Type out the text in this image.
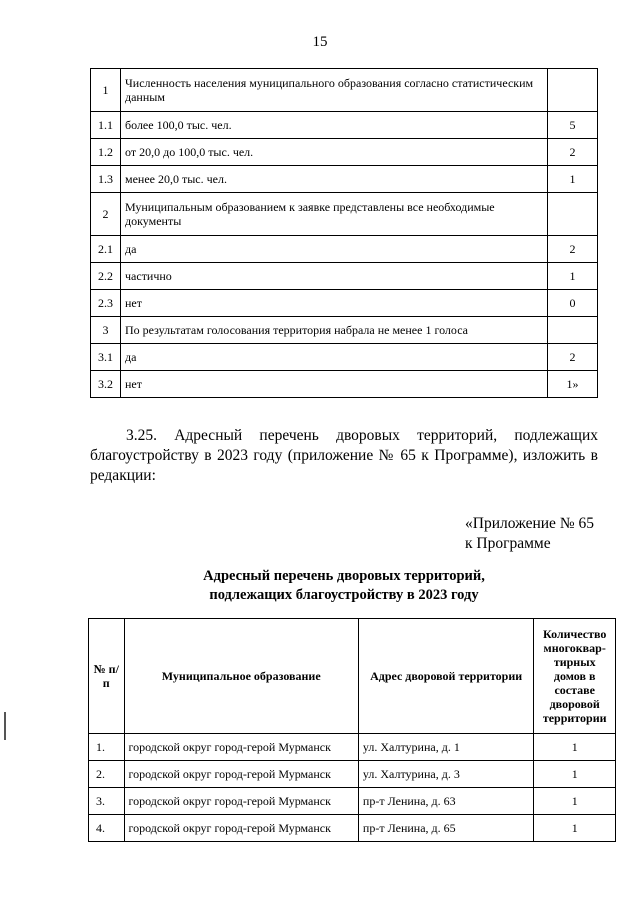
15
1	Численность населения муниципального образования согласно статистическим данным	
1.1	более 100,0 тыс. чел.	5
1.2	от 20,0 до 100,0 тыс. чел.	2
1.3	менее 20,0 тыс. чел.	1
2	Муниципальным образованием к заявке представлены все необходимые документы	
2.1	да	2
2.2	частично	1
2.3	нет	0
3	По результатам голосования территория набрала не менее 1 голоса	
3.1	да	2
3.2	нет	1»
3.25. Адресный перечень дворовых территорий, подлежащих благоустройству в 2023 году (приложение № 65 к Программе), изложить в редакции:
«Приложение № 65
к Программе
Адресный перечень дворовых территорий,
подлежащих благоустройству в 2023 году
№ п/п	Муниципальное образование	Адрес дворовой территории	Количество многоквар-тирных домов в составе дворовой территории
1.	городской округ город-герой Мурманск	ул. Халтурина, д. 1	1
2.	городской округ город-герой Мурманск	ул. Халтурина, д. 3	1
3.	городской округ город-герой Мурманск	пр-т Ленина, д. 63	1
4.	городской округ город-герой Мурманск	пр-т Ленина, д. 65	1
